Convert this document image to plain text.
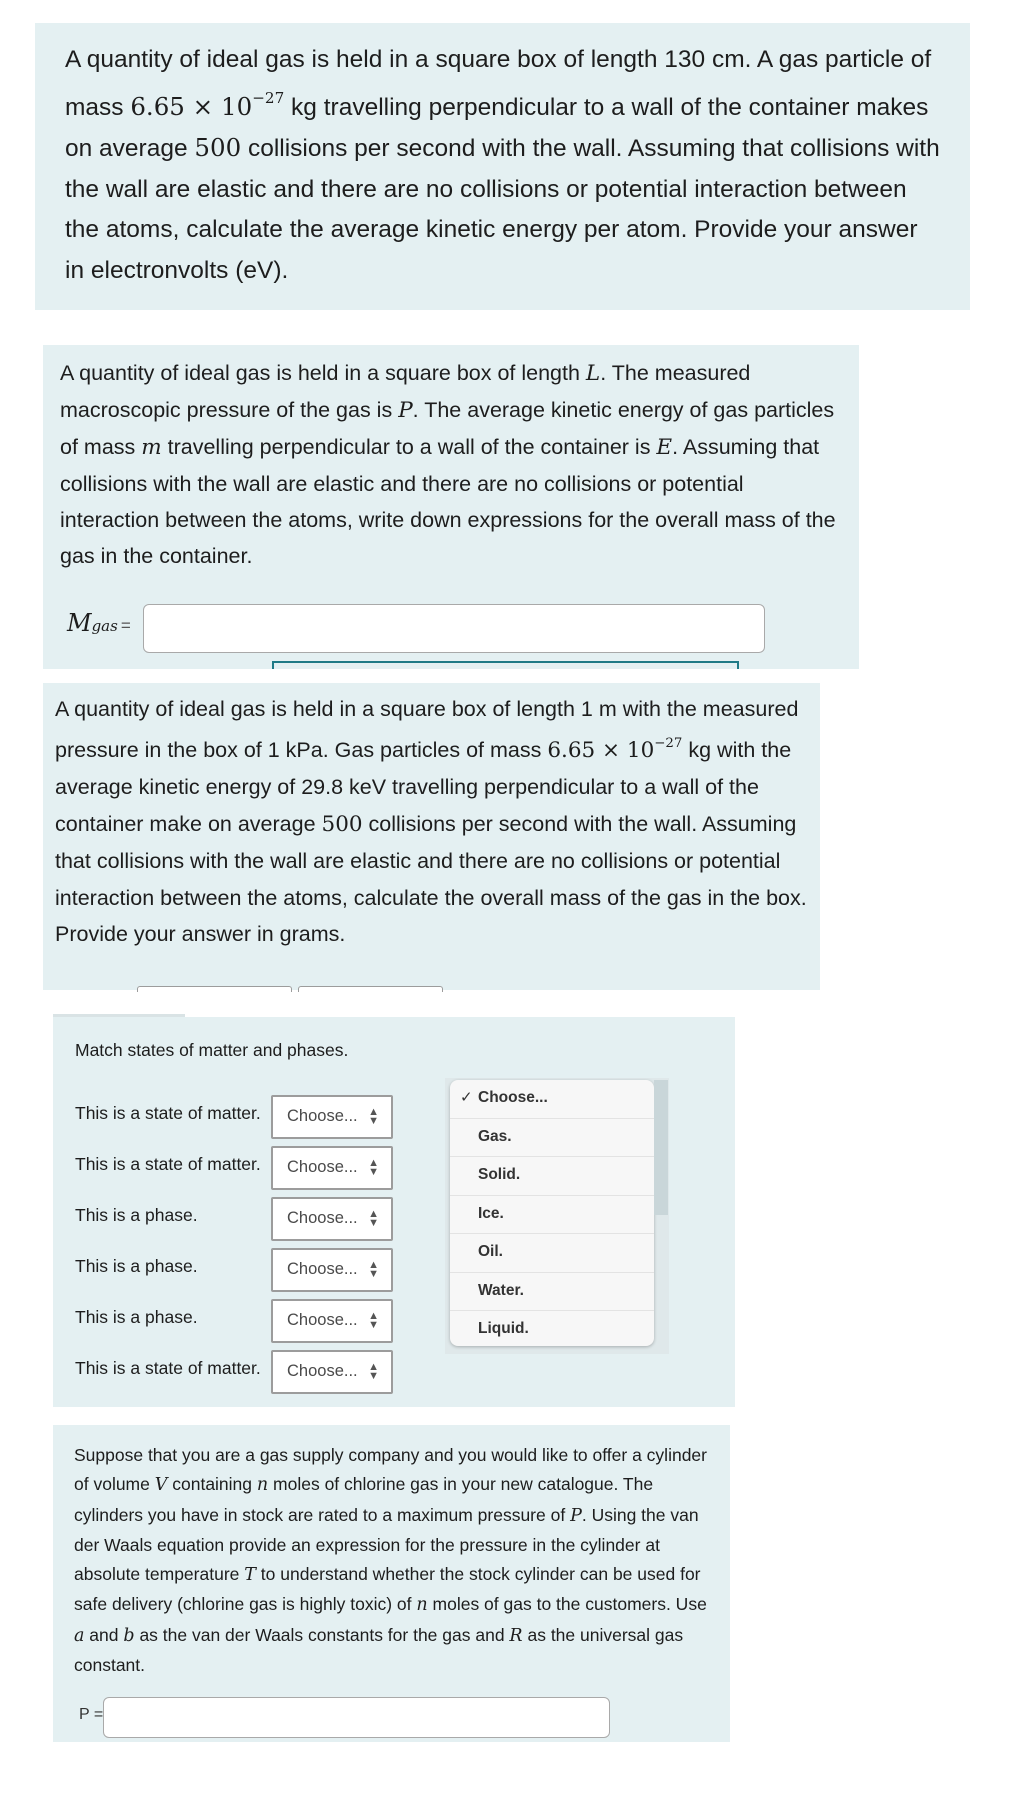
A quantity of ideal gas is held in a square box of length 130 cm. A gas particle of mass $6.65 \times 10^{-27}$ kg travelling perpendicular to a wall of the container makes on average 500 collisions per second with the wall. Assuming that collisions with the wall are elastic and there are no collisions or potential interaction between the atoms, calculate the average kinetic energy per atom. Provide your answer in electronvolts (eV).

A quantity of ideal gas is held in a square box of length L. The measured macroscopic pressure of the gas is P. The average kinetic energy of gas particles of mass m travelling perpendicular to a wall of the container is E. Assuming that collisions with the wall are elastic and there are no collisions or potential interaction between the atoms, write down expressions for the overall mass of the gas in the container.

Mgas =

A quantity of ideal gas is held in a square box of length 1 m with the measured pressure in the box of 1 kPa. Gas particles of mass $6.65 \times 10^{-27}$ kg with the average kinetic energy of 29.8 keV travelling perpendicular to a wall of the container make on average 500 collisions per second with the wall. Assuming that collisions with the wall are elastic and there are no collisions or potential interaction between the atoms, calculate the overall mass of the gas in the box. Provide your answer in grams.

Match states of matter and phases.
This is a state of matter.	Choose... ▲
▼
This is a state of matter.	Choose... ▲
▼
This is a phase.	Choose... ▲
▼
This is a phase.	Choose... ▲
▼
This is a phase.	Choose... ▲
▼
This is a state of matter.	Choose... ▲
▼
✓ Choose...
Gas.
Solid.
Ice.
Oil.
Water.
Liquid.

Suppose that you are a gas supply company and you would like to offer a cylinder of volume V containing n moles of chlorine gas in your new catalogue. The cylinders you have in stock are rated to a maximum pressure of P. Using the van der Waals equation provide an expression for the pressure in the cylinder at absolute temperature T to understand whether the stock cylinder can be used for safe delivery (chlorine gas is highly toxic) of n moles of gas to the customers. Use a and b as the van der Waals constants for the gas and R as the universal gas constant.

P =
